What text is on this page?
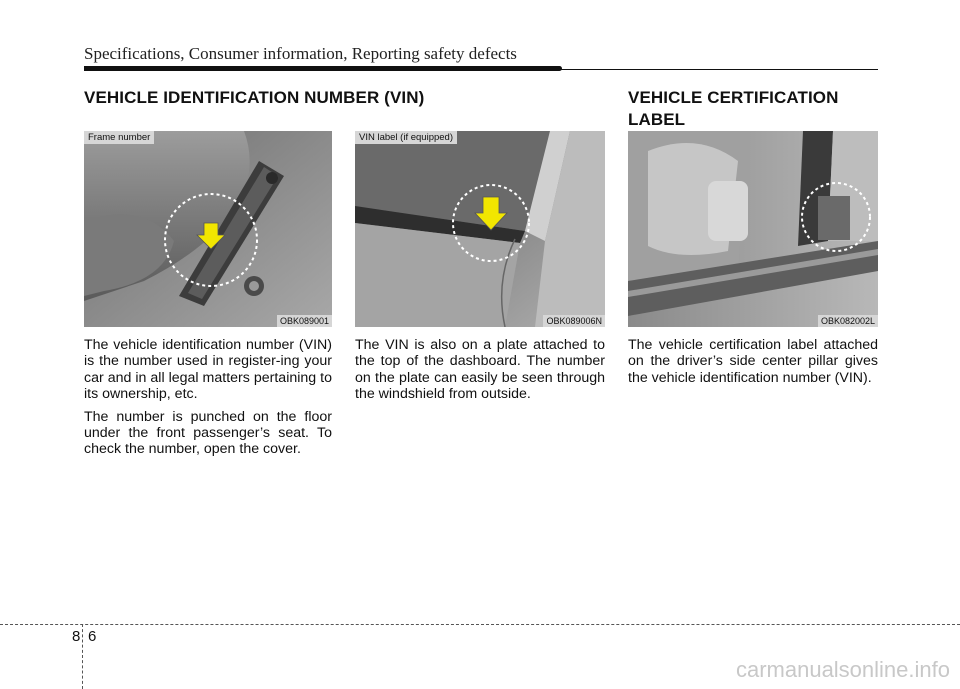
Specifications, Consumer information, Reporting safety defects
VEHICLE IDENTIFICATION NUMBER (VIN)	VEHICLE CERTIFICATION
LABEL
Frame number
OBK089001
VIN label (if equipped)
OBK089006N	OBK082002L

The vehicle identification number (VIN) is the number used in register-ing your car and in all legal matters pertaining to its ownership, etc.

The number is punched on the floor under the front passenger’s seat. To check the number, open the cover.

The VIN is also on a plate attached to the top of the dashboard. The number on the plate can easily be seen through the windshield from outside.

The vehicle certification label attached on the driver’s side center pillar gives the vehicle identification number (VIN).

8 6
carmanualsonline.info
